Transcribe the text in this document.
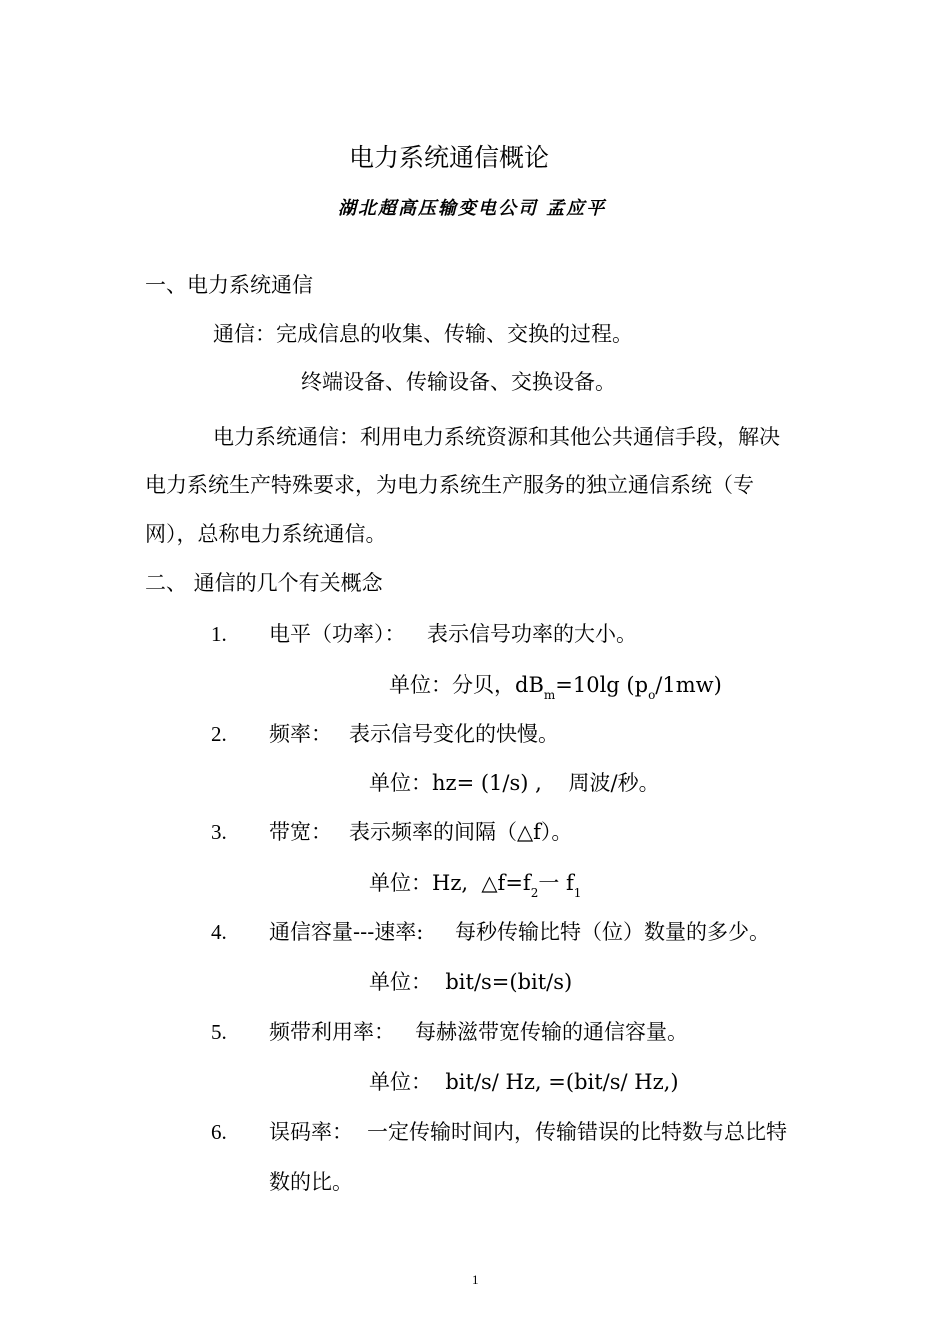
电力系统通信概论
湖北超高压输变电公司 孟应平
一、电力系统通信
通信：完成信息的收集、传输、交换的过程。
终端设备、传输设备、交换设备。
电力系统通信：利用电力系统资源和其他公共通信手段，解决
电力系统生产特殊要求，为电力系统生产服务的独立通信系统（专
网），总称电力系统通信。
二、 通信的几个有关概念
1. 电平（功率）： 表示信号功率的大小。
单位：分贝，$dB_m=10\lg$ $(p_o/1mw)$
2. 频率： 表示信号变化的快慢。
单位：hz= (1/s) ,    周波/秒。
3. 带宽： 表示频率的间隔（△f）。
单位：Hz,  $\triangle f=f_2$一 $f_1$
4. 通信容量---速率: 每秒传输比特（位）数量的多少。
单位：  bit/s=(bit/s)
5. 频带利用率： 每赫滋带宽传输的通信容量。
单位：  bit/s/ Hz, =(bit/s/ Hz,)
6. 误码率： 一定传输时间内，传输错误的比特数与总比特
数的比。
1
